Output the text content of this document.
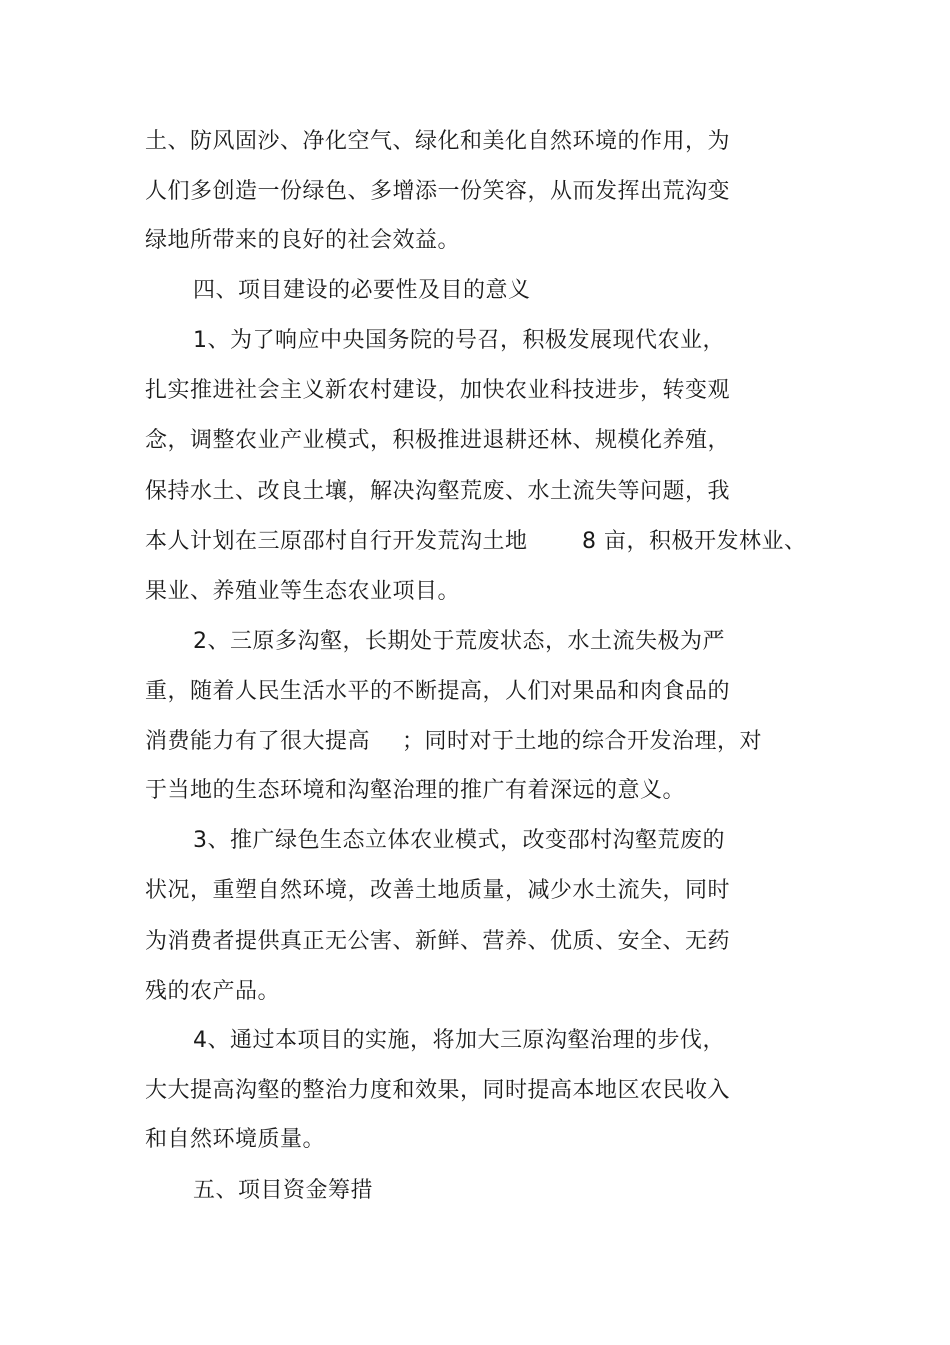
土、防风固沙、净化空气、绿化和美化自然环境的作用，为
人们多创造一份绿色、多增添一份笑容，从而发挥出荒沟变
绿地所带来的良好的社会效益。
四、项目建设的必要性及目的意义
1、为了响应中央国务院的号召，积极发展现代农业，
扎实推进社会主义新农村建设，加快农业科技进步，转变观
念，调整农业产业模式，积极推进退耕还林、规模化养殖，
保持水土、改良土壤，解决沟壑荒废、水土流失等问题，我
本人计划在三原邵村自行开发荒沟土地 8 亩，积极开发林业、
果业、养殖业等生态农业项目。
2、三原多沟壑，长期处于荒废状态，水土流失极为严
重，随着人民生活水平的不断提高，人们对果品和肉食品的
消费能力有了很大提高 ；同时对于土地的综合开发治理，对
于当地的生态环境和沟壑治理的推广有着深远的意义。
3、推广绿色生态立体农业模式，改变邵村沟壑荒废的
状况，重塑自然环境，改善土地质量，减少水土流失，同时
为消费者提供真正无公害、新鲜、营养、优质、安全、无药
残的农产品。
4、通过本项目的实施，将加大三原沟壑治理的步伐，
大大提高沟壑的整治力度和效果，同时提高本地区农民收入
和自然环境质量。
五、项目资金筹措
